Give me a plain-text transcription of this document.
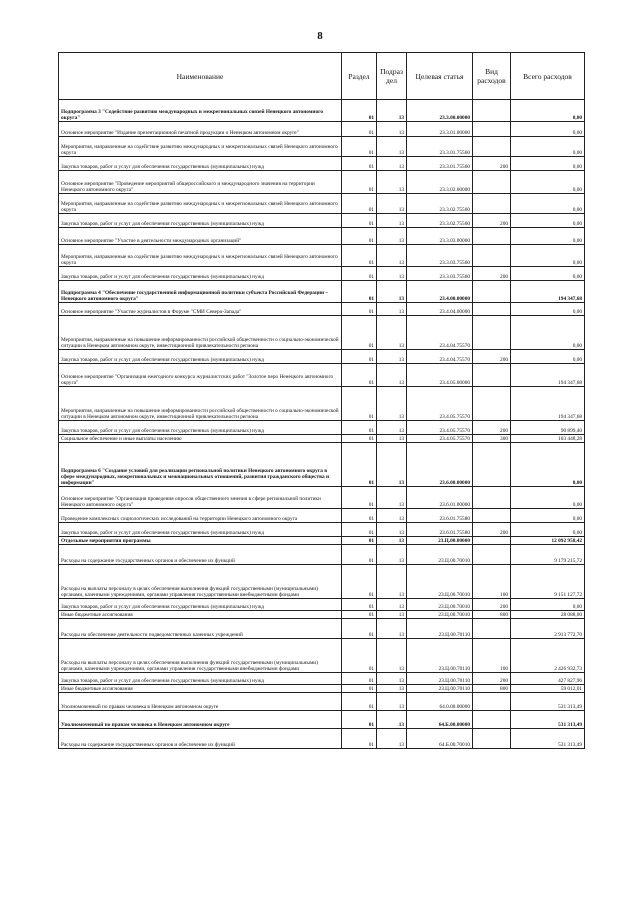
8
Наименование	Раздел	Подраз дел	Целевая статья	Вид расходов	Всего расходов
Подпрограмма 3 "Содействие развитию международных и межрегиональных связей Ненецкого автономного округа"	01	13	23.3.00.00000		0,00
Основное мероприятие "Издание презентационной печатной продукции о Ненецком автономном округе"	01	13	23.3.01.00000		0,00
Мероприятия, направленные на содействие развитию международных и межрегиональных связей Ненецкого автономного округа	01	13	23.3.01.75560		0,00
Закупка товаров, работ и услуг для обеспечения государственных (муниципальных) нужд	01	13	23.3.01.75560	200	0,00
Основное мероприятие "Проведение мероприятий общероссийского и международного значения на территории Ненецкого автономного округа"	01	13	23.3.02.00000		0,00
Мероприятия, направленные на содействие развитию международных и межрегиональных связей Ненецкого автономного округа	01	13	23.3.02.75560		0,00
Закупка товаров, работ и услуг для обеспечения государственных (муниципальных) нужд	01	13	23.3.02.75560	200	0,00
Основное мероприятие "Участие в деятельности международных организаций"	01	13	23.3.03.00000		0,00
Мероприятия, направленные на содействие развитию международных и межрегиональных связей Ненецкого автономного округа	01	13	23.3.03.75560		0,00
Закупка товаров, работ и услуг для обеспечения государственных (муниципальных) нужд	01	13	23.3.03.75560	200	0,00
Подпрограмма 4 "Обеспечение государственной информационной политики субъекта Российской Федерации – Ненецкого автономного округа"	01	13	23.4.00.00000		194 347,68
Основное мероприятие "Участие журналистов в Форуме "СМИ Северо-Запада"	01	13	23.4.04.00000		0,00
Мероприятия, направленные на повышение информированности российской общественности о социально-экономической ситуации в Ненецком автономном округе, инвестиционной привлекательности региона	01	13	23.4.04.75570		0,00
Закупка товаров, работ и услуг для обеспечения государственных (муниципальных) нужд	01	13	23.4.04.75570	200	0,00
Основное мероприятие "Организация ежегодного конкурса журналистских работ "Золотое перо Ненецкого автономного округа"	01	13	23.4.05.00000		194 347,68
Мероприятия, направленные на повышение информированности российской общественности о социально-экономической ситуации в Ненецком автономном округе, инвестиционной привлекательности региона	01	13	23.4.05.75570		194 347,68
Закупка товаров, работ и услуг для обеспечения государственных (муниципальных) нужд	01	13	23.4.05.75570	200	90 899,40
Социальное обеспечение и иные выплаты населению	01	13	23.4.05.75570	300	103 448,28
Подпрограмма 6 "Создание условий для реализации региональной политики Ненецкого автономного округа в сфере международных, межрегиональных и межнациональных отношений, развития гражданского общества и информации"	01	13	23.6.00.00000		0,00
Основное мероприятие "Организация проведения опросов общественного мнения в сфере региональной политики Ненецкого автономного округа"	01	13	23.6.01.00000		0,00
Проведение комплексных социологических исследований на территории Ненецкого автономного округа	01	13	23.6.01.75580		0,00
Закупка товаров, работ и услуг для обеспечения государственных (муниципальных) нужд	01	13	23.6.01.75580	200	0,00
Отдельные мероприятия программы	01	13	23.Ц.00.00000		12 092 958,42
Расходы на содержание государственных органов и обеспечение их функций	01	13	23.Ц.00.70010		9 179 215,72
Расходы на выплаты персоналу в целях обеспечения выполнения функций государственными (муниципальными) органами, казенными учреждениями, органами управления государственными внебюджетными фондами	01	13	23.Ц.00.70010	100	9 151 127,72
Закупка товаров, работ и услуг для обеспечения государственных (муниципальных) нужд	01	13	23.Ц.00.70010	200	0,00
Иные бюджетные ассигнования	01	13	23.Ц.00.70010	800	28 088,00
Расходы на обеспечение деятельности подведомственных казенных учреждений	01	13	23.Ц.00.70110		2 913 772,70
Расходы на выплаты персоналу в целях обеспечения выполнения функций государственными (муниципальными) органами, казенными учреждениями, органами управления государственными внебюджетными фондами	01	13	23.Ц.00.70110	100	2 426 932,73
Закупка товаров, работ и услуг для обеспечения государственных (муниципальных) нужд	01	13	23.Ц.00.70110	200	427 827,96
Иные бюджетные ассигнования	01	13	23.Ц.00.70110	800	59 012,01
Уполномоченный по правам человека в Ненецком автономном округе	01	13	64.0.00.00000		531 313,49
Уполномоченный по правам человека в Ненецком автономном округе	01	13	64.Б.00.00000		531 313,49
Расходы на содержание государственных органов и обеспечение их функций	01	13	64.Б.00.70010		531 313,49
